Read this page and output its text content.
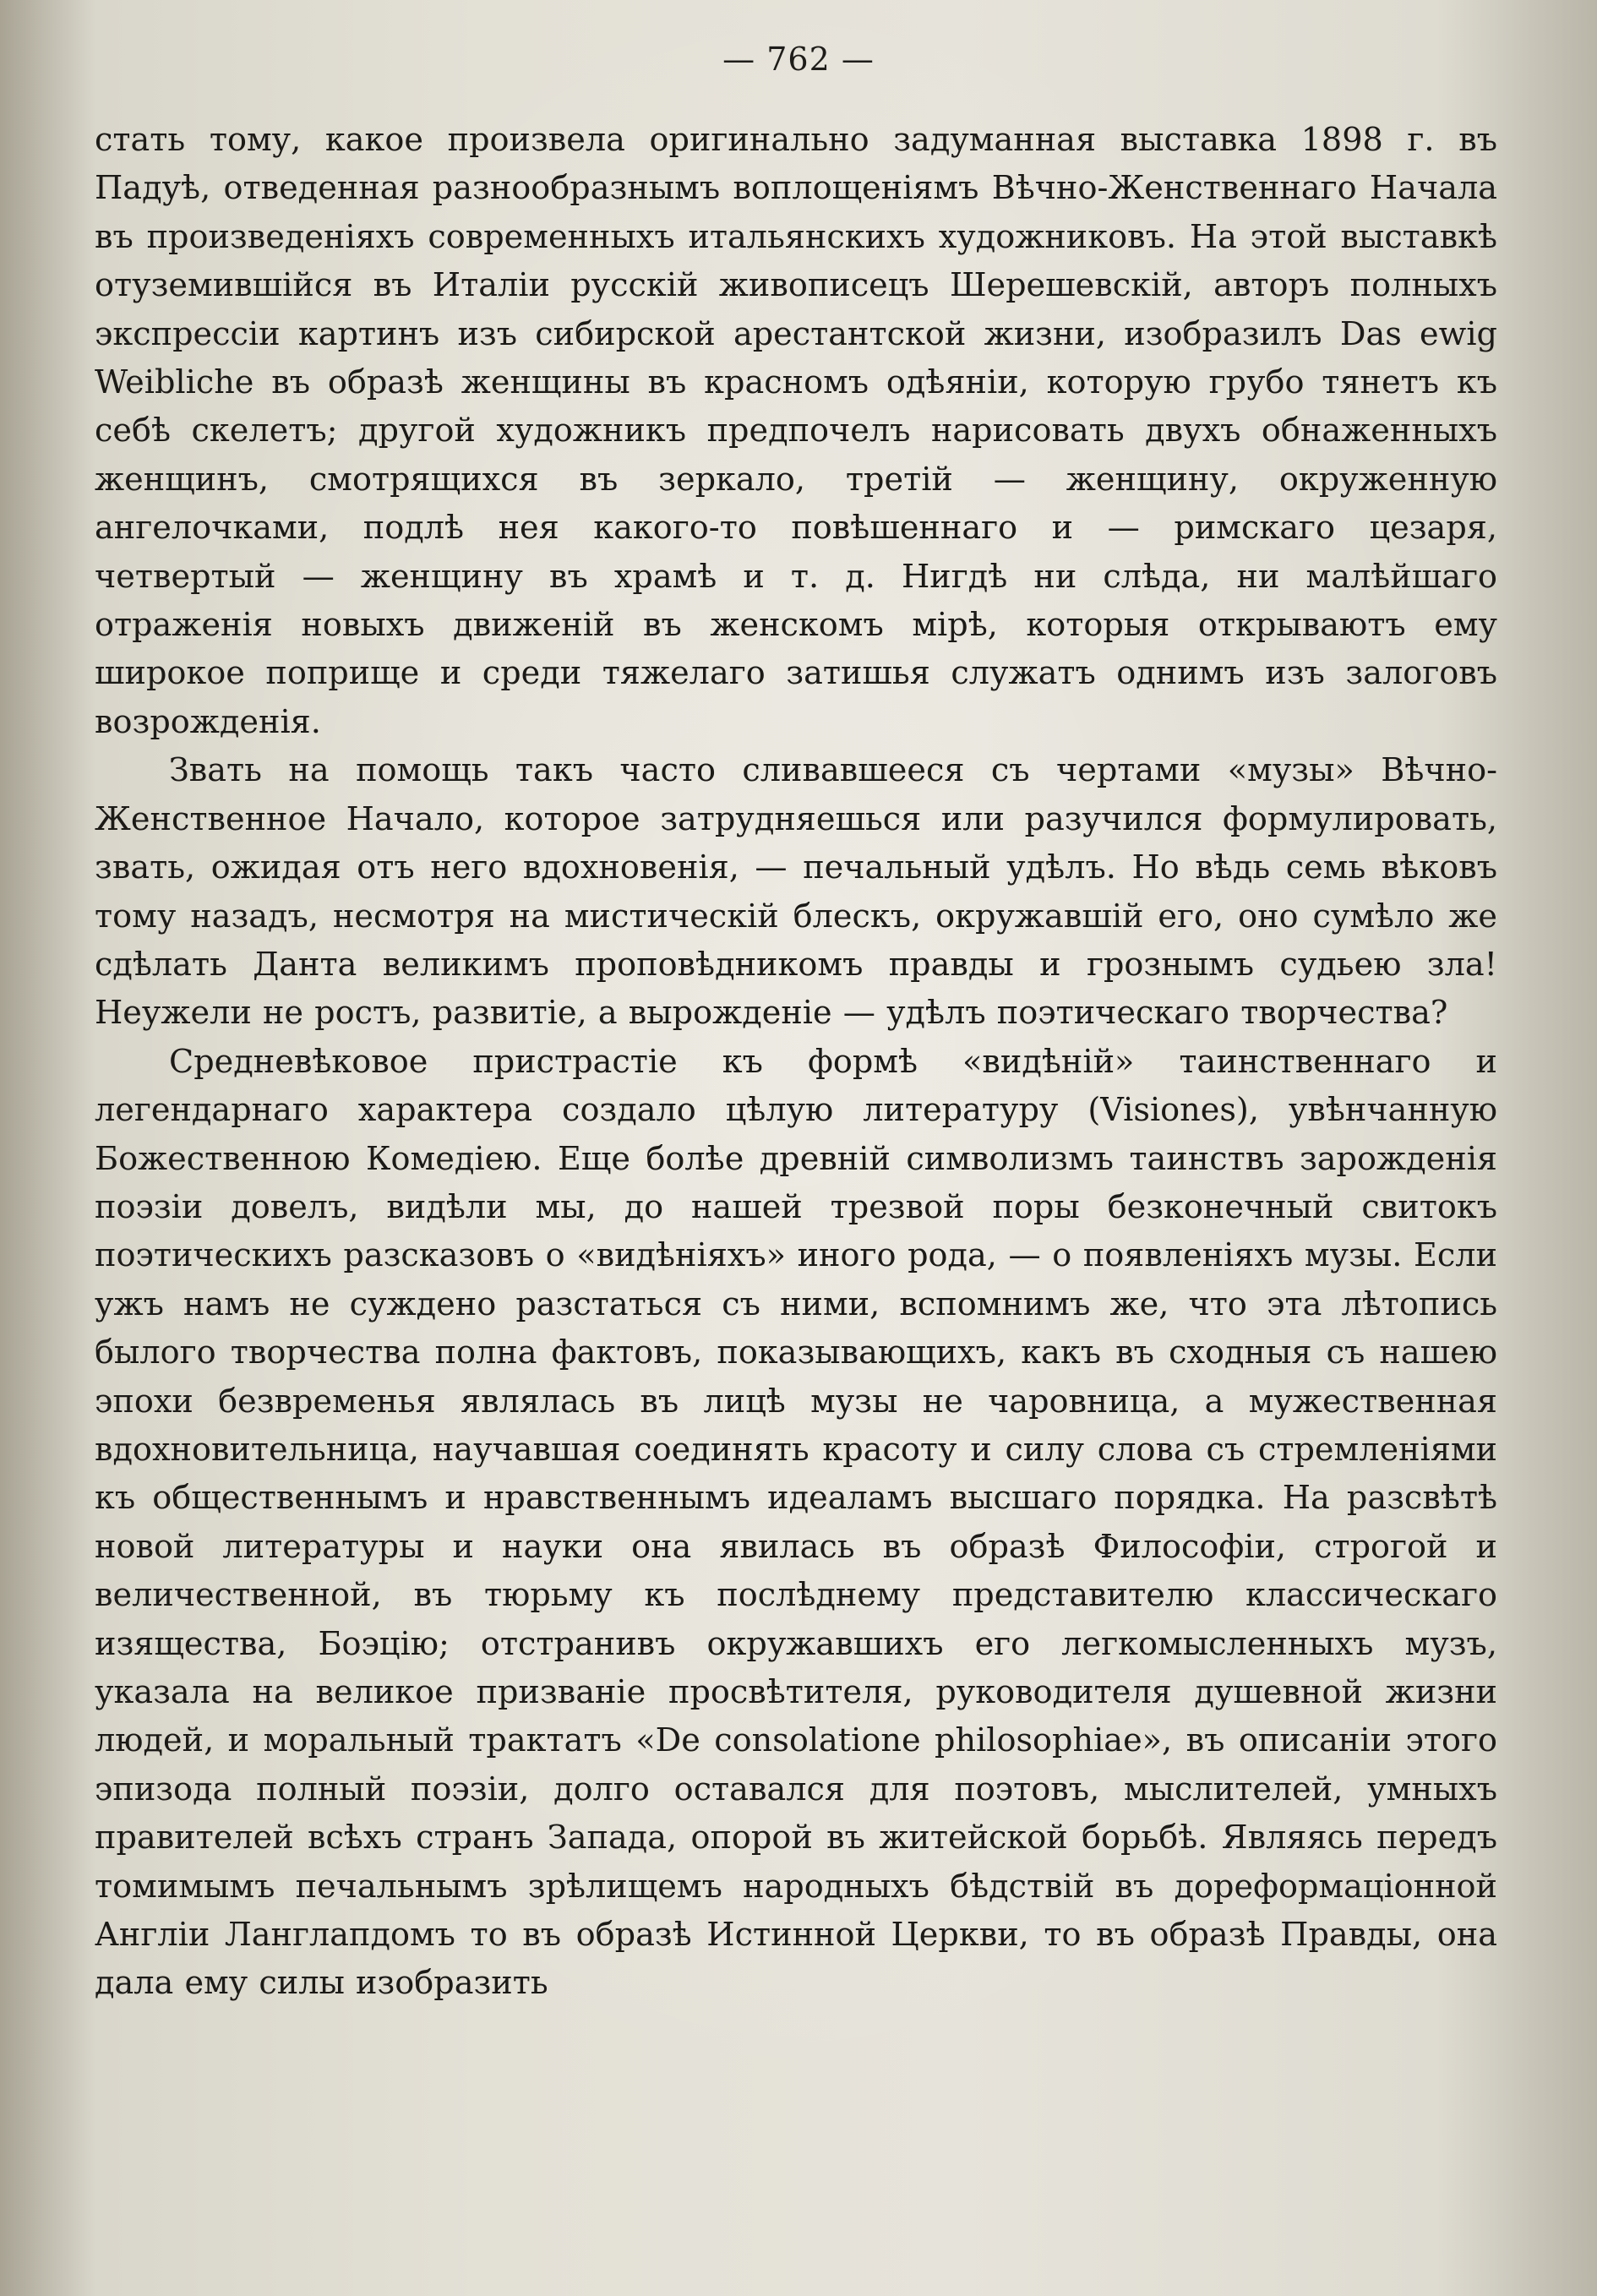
— 762 —

стать тому, какое произвела оригинально задуманная выставка 1898 г. въ Падуѣ, отведенная разнообразнымъ воплощеніямъ Вѣчно-Женственнаго Начала въ произведеніяхъ современныхъ итальянскихъ художниковъ. На этой выставкѣ отуземившійся въ Италіи русскій живописецъ Шерешевскій, авторъ полныхъ экспрессіи картинъ изъ сибирской арестантской жизни, изобразилъ Das ewig Weibliche въ образѣ женщины въ красномъ одѣяніи, которую грубо тянетъ къ себѣ скелетъ; другой художникъ предпочелъ нарисовать двухъ обнаженныхъ женщинъ, смотрящихся въ зеркало, третій — женщину, окруженную ангелочками, подлѣ нея какого-то повѣшеннаго и — римскаго цезаря, четвертый — женщину въ храмѣ и т. д. Нигдѣ ни слѣда, ни малѣйшаго отраженія новыхъ движеній въ женскомъ мірѣ, которыя открываютъ ему широкое поприще и среди тяжелаго затишья служатъ однимъ изъ залоговъ возрожденія.

Звать на помощь такъ часто сливавшееся съ чертами «музы» Вѣчно-Женственное Начало, которое затрудняешься или разучился формулировать, звать, ожидая отъ него вдохновенія, — печальный удѣлъ. Но вѣдь семь вѣковъ тому назадъ, несмотря на мистическій блескъ, окружавшій его, оно сумѣло же сдѣлать Данта великимъ проповѣдникомъ правды и грознымъ судьею зла! Неужели не ростъ, развитіе, а вырожденіе — удѣлъ поэтическаго творчества?

Средневѣковое пристрастіе къ формѣ «видѣній» таинственнаго и легендарнаго характера создало цѣлую литературу (Visiones), увѣнчанную Божественною Комедіею. Еще болѣе древній символизмъ таинствъ зарожденія поэзіи довелъ, видѣли мы, до нашей трезвой поры безконечный свитокъ поэтическихъ разсказовъ о «видѣніяхъ» иного рода, — о появленіяхъ музы. Если ужъ намъ не суждено разстаться съ ними, вспомнимъ же, что эта лѣтопись былого творчества полна фактовъ, показывающихъ, какъ въ сходныя съ нашею эпохи безвременья являлась въ лицѣ музы не чаровница, а мужественная вдохновительница, научавшая соединять красоту и силу слова съ стремленіями къ общественнымъ и нравственнымъ идеаламъ высшаго порядка. На разсвѣтѣ новой литературы и науки она явилась въ образѣ Философіи, строгой и величественной, въ тюрьму къ послѣднему представителю классическаго изящества, Боэцію; отстранивъ окружавшихъ его легкомысленныхъ музъ, указала на великое призваніе просвѣтителя, руководителя душевной жизни людей, и моральный трактатъ «De consolatione philosophiae», въ описаніи этого эпизода полный поэзіи, долго оставался для поэтовъ, мыслителей, умныхъ правителей всѣхъ странъ Запада, опорой въ житейской борьбѣ. Являясь передъ томимымъ печальнымъ зрѣлищемъ народныхъ бѣдствій въ дореформаціонной Англіи Ланглапдомъ то въ образѣ Истинной Церкви, то въ образѣ Правды, она дала ему силы изобразить
